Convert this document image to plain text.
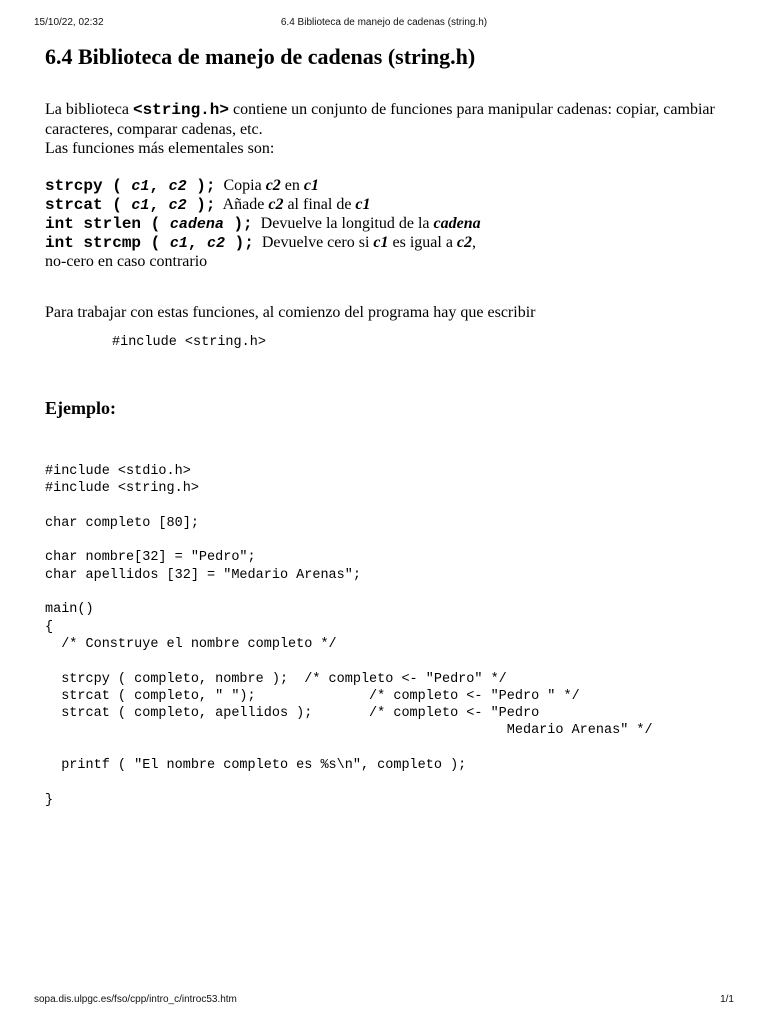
15/10/22, 02:32	6.4 Biblioteca de manejo de cadenas (string.h)
6.4 Biblioteca de manejo de cadenas (string.h)

La biblioteca <string.h> contiene un conjunto de funciones para manipular cadenas: copiar, cambiar caracteres, comparar cadenas, etc.

Las funciones más elementales son:

strcpy ( c1, c2 );  Copia c2 en c1
strcat ( c1, c2 );  Añade c2 al final de c1
int strlen ( cadena );  Devuelve la longitud de la cadena
int strcmp ( c1, c2 );  Devuelve cero si c1 es igual a c2,
no-cero en caso contrario

Para trabajar con estas funciones, al comienzo del programa hay que escribir

#include <string.h>
Ejemplo:
#include <stdio.h>
#include <string.h>
char completo [80];
char nombre[32] = "Pedro";
char apellidos [32] = "Medario Arenas";
main()
{
/* Construye el nombre completo */
strcpy ( completo, nombre );  /* completo <- "Pedro" */
strcat ( completo, " ");              /* completo <- "Pedro " */
strcat ( completo, apellidos );       /* completo <- "Pedro
Medario Arenas" */
printf ( "El nombre completo es %s\n", completo );
}
sopa.dis.ulpgc.es/fso/cpp/intro_c/introc53.htm	1/1
